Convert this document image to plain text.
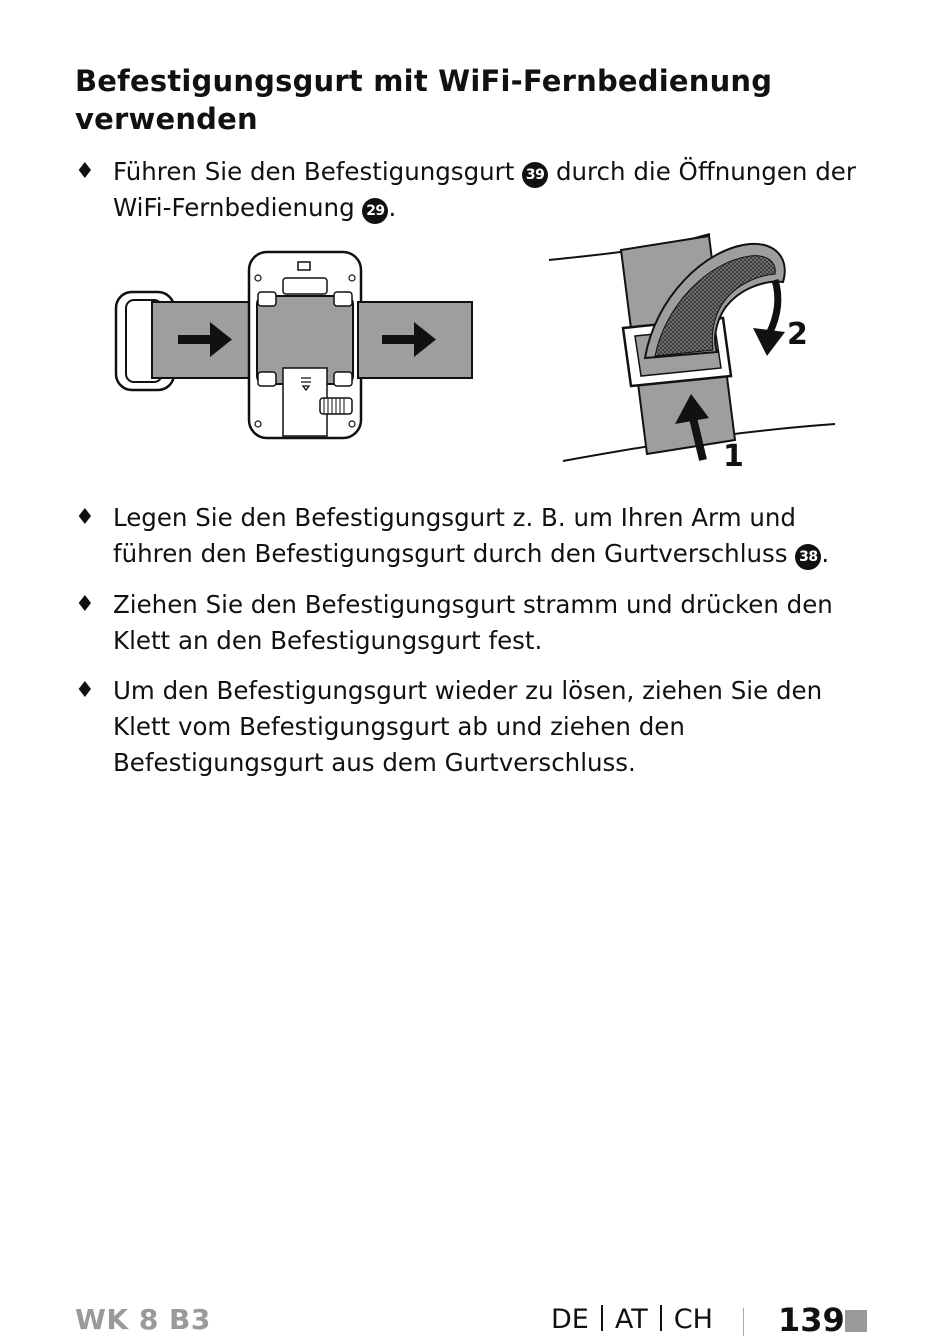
Befestigungsgurt mit WiFi-Fernbedienung verwenden
♦ Führen Sie den Befestigungsgurt 39 durch die Öffnungen der WiFi-Fernbedienung 29 .
2
1
♦ Legen Sie den Befestigungsgurt z. B. um Ihren Arm und führen den Befestigungsgurt durch den Gurtverschluss 38 .
♦ Ziehen Sie den Befestigungsgurt stramm und drücken den Klett an den Befestigungsgurt fest.
♦ Um den Befestigungsgurt wieder zu lösen, ziehen Sie den Klett vom Befestigungsgurt ab und ziehen den Befestigungsgurt aus dem Gurtverschluss.
WK 8 B3	DE AT CH 139
